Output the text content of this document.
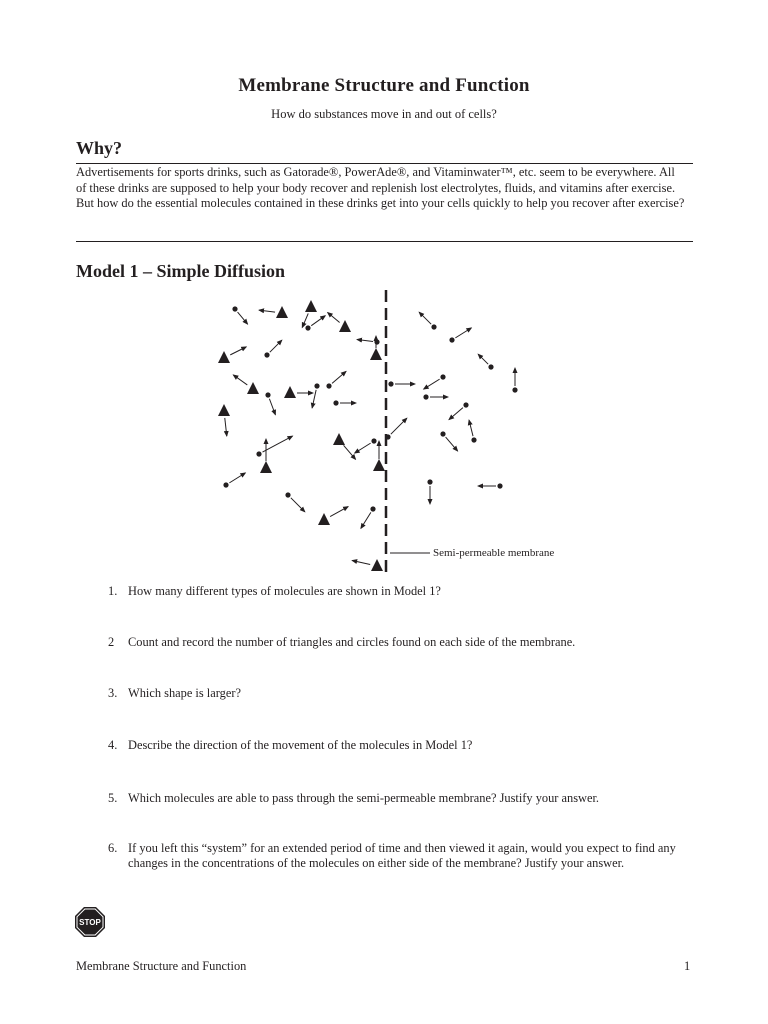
Membrane Structure and Function
How do substances move in and out of cells?
Why?
Advertisements for sports drinks, such as Gatorade®, PowerAde®, and Vitaminwater™, etc. seem to be everywhere. All of these drinks are supposed to help your body recover and replenish lost electrolytes, fluids, and vitamins after exercise. But how do the essential molecules contained in these drinks get into your cells quickly to help you recover after exercise?
Model 1 – Simple Diffusion
Semi-permeable membrane
1. How many different types of molecules are shown in Model 1?
2 Count and record the number of triangles and circles found on each side of the membrane.
3. Which shape is larger?
4. Describe the direction of the movement of the molecules in Model 1?
5. Which molecules are able to pass through the semi-permeable membrane? Justify your answer.
6. If you left this “system” for an extended period of time and then viewed it again, would you expect to find any changes in the concentrations of the molecules on either side of the membrane? Justify your answer.
STOP
Membrane Structure and Function	1
